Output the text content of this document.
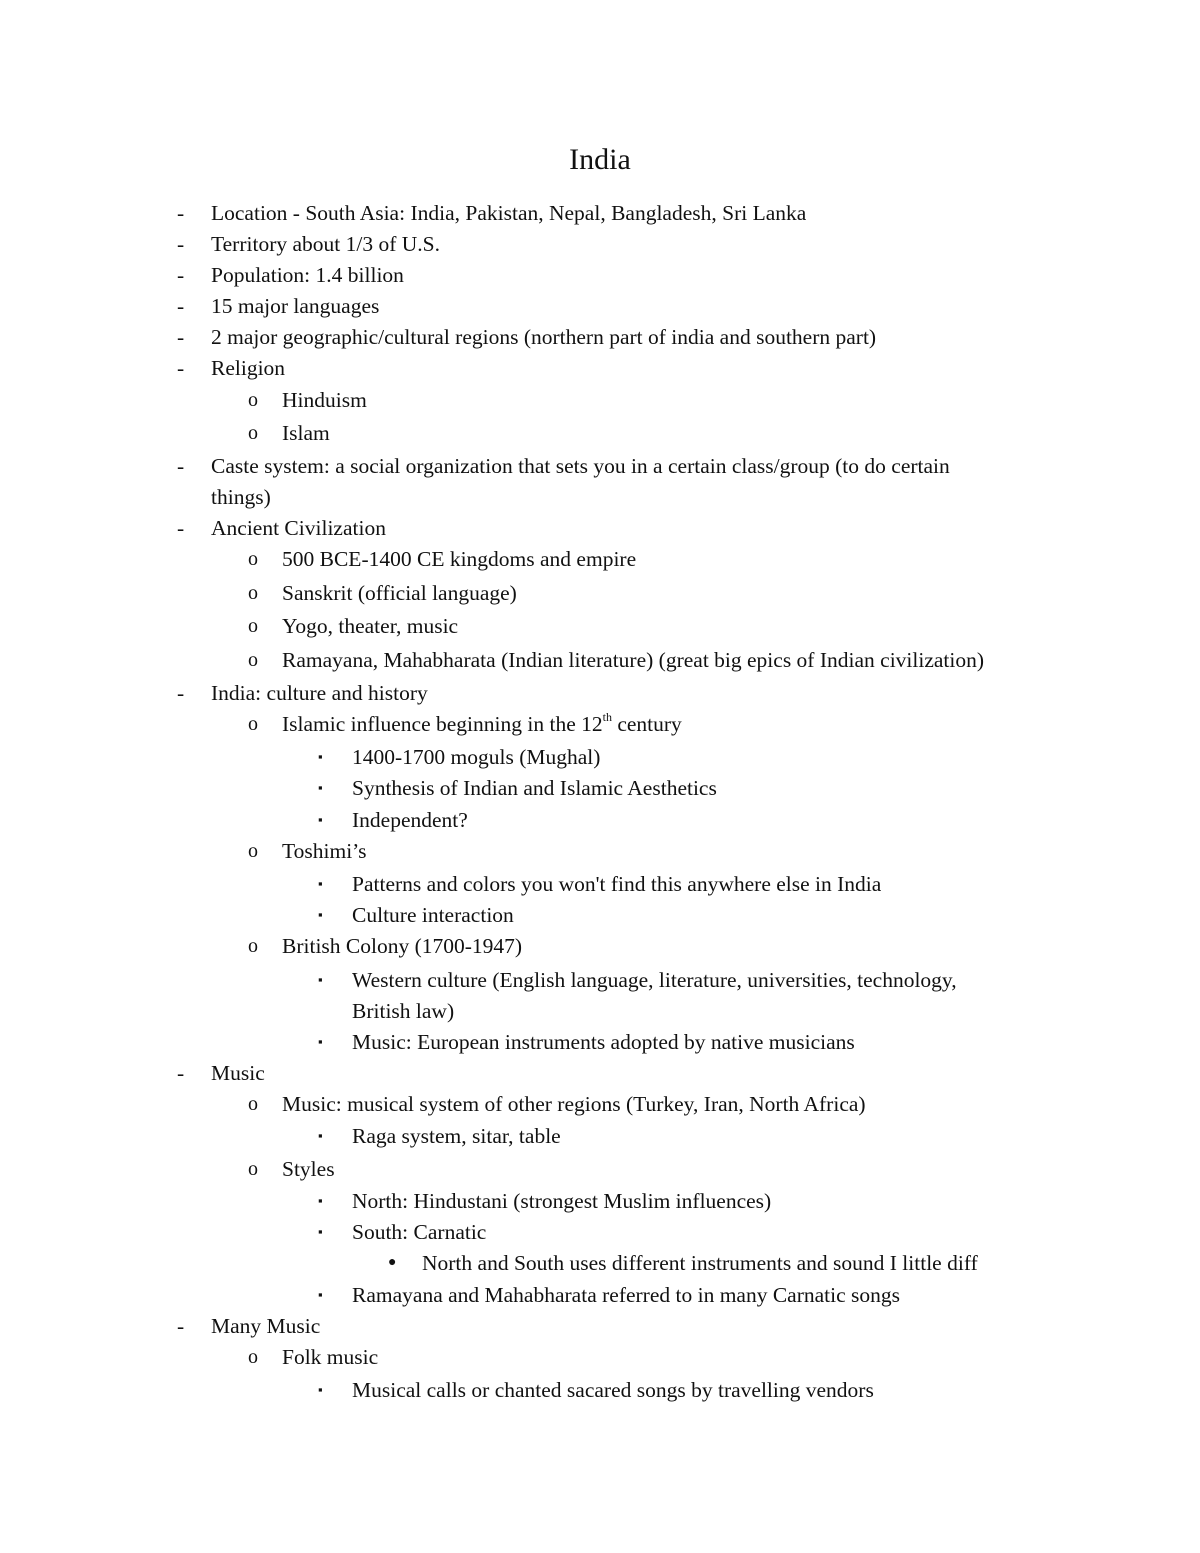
India
- Location - South Asia: India, Pakistan, Nepal, Bangladesh, Sri Lanka
- Territory about 1/3 of U.S.
- Population: 1.4 billion
- 15 major languages
- 2 major geographic/cultural regions (northern part of india and southern part)
- Religion
o Hinduism
o Islam
- Caste system: a social organization that sets you in a certain class/group (to do certain
things)
- Ancient Civilization
o 500 BCE-1400 CE kingdoms and empire
o Sanskrit (official language)
o Yogo, theater, music
o Ramayana, Mahabharata (Indian literature) (great big epics of Indian civilization)
- India: culture and history
o Islamic influence beginning in the 12th century
▪ 1400-1700 moguls (Mughal)
▪ Synthesis of Indian and Islamic Aesthetics
▪ Independent?
o Toshimi’s
▪ Patterns and colors you won't find this anywhere else in India
▪ Culture interaction
o British Colony (1700-1947)
▪ Western culture (English language, literature, universities, technology,
British law)
▪ Music: European instruments adopted by native musicians
- Music
o Music: musical system of other regions (Turkey, Iran, North Africa)
▪ Raga system, sitar, table
o Styles
▪ North: Hindustani (strongest Muslim influences)
▪ South: Carnatic
● North and South uses different instruments and sound I little diff
▪ Ramayana and Mahabharata referred to in many Carnatic songs
- Many Music
o Folk music
▪ Musical calls or chanted sacared songs by travelling vendors
